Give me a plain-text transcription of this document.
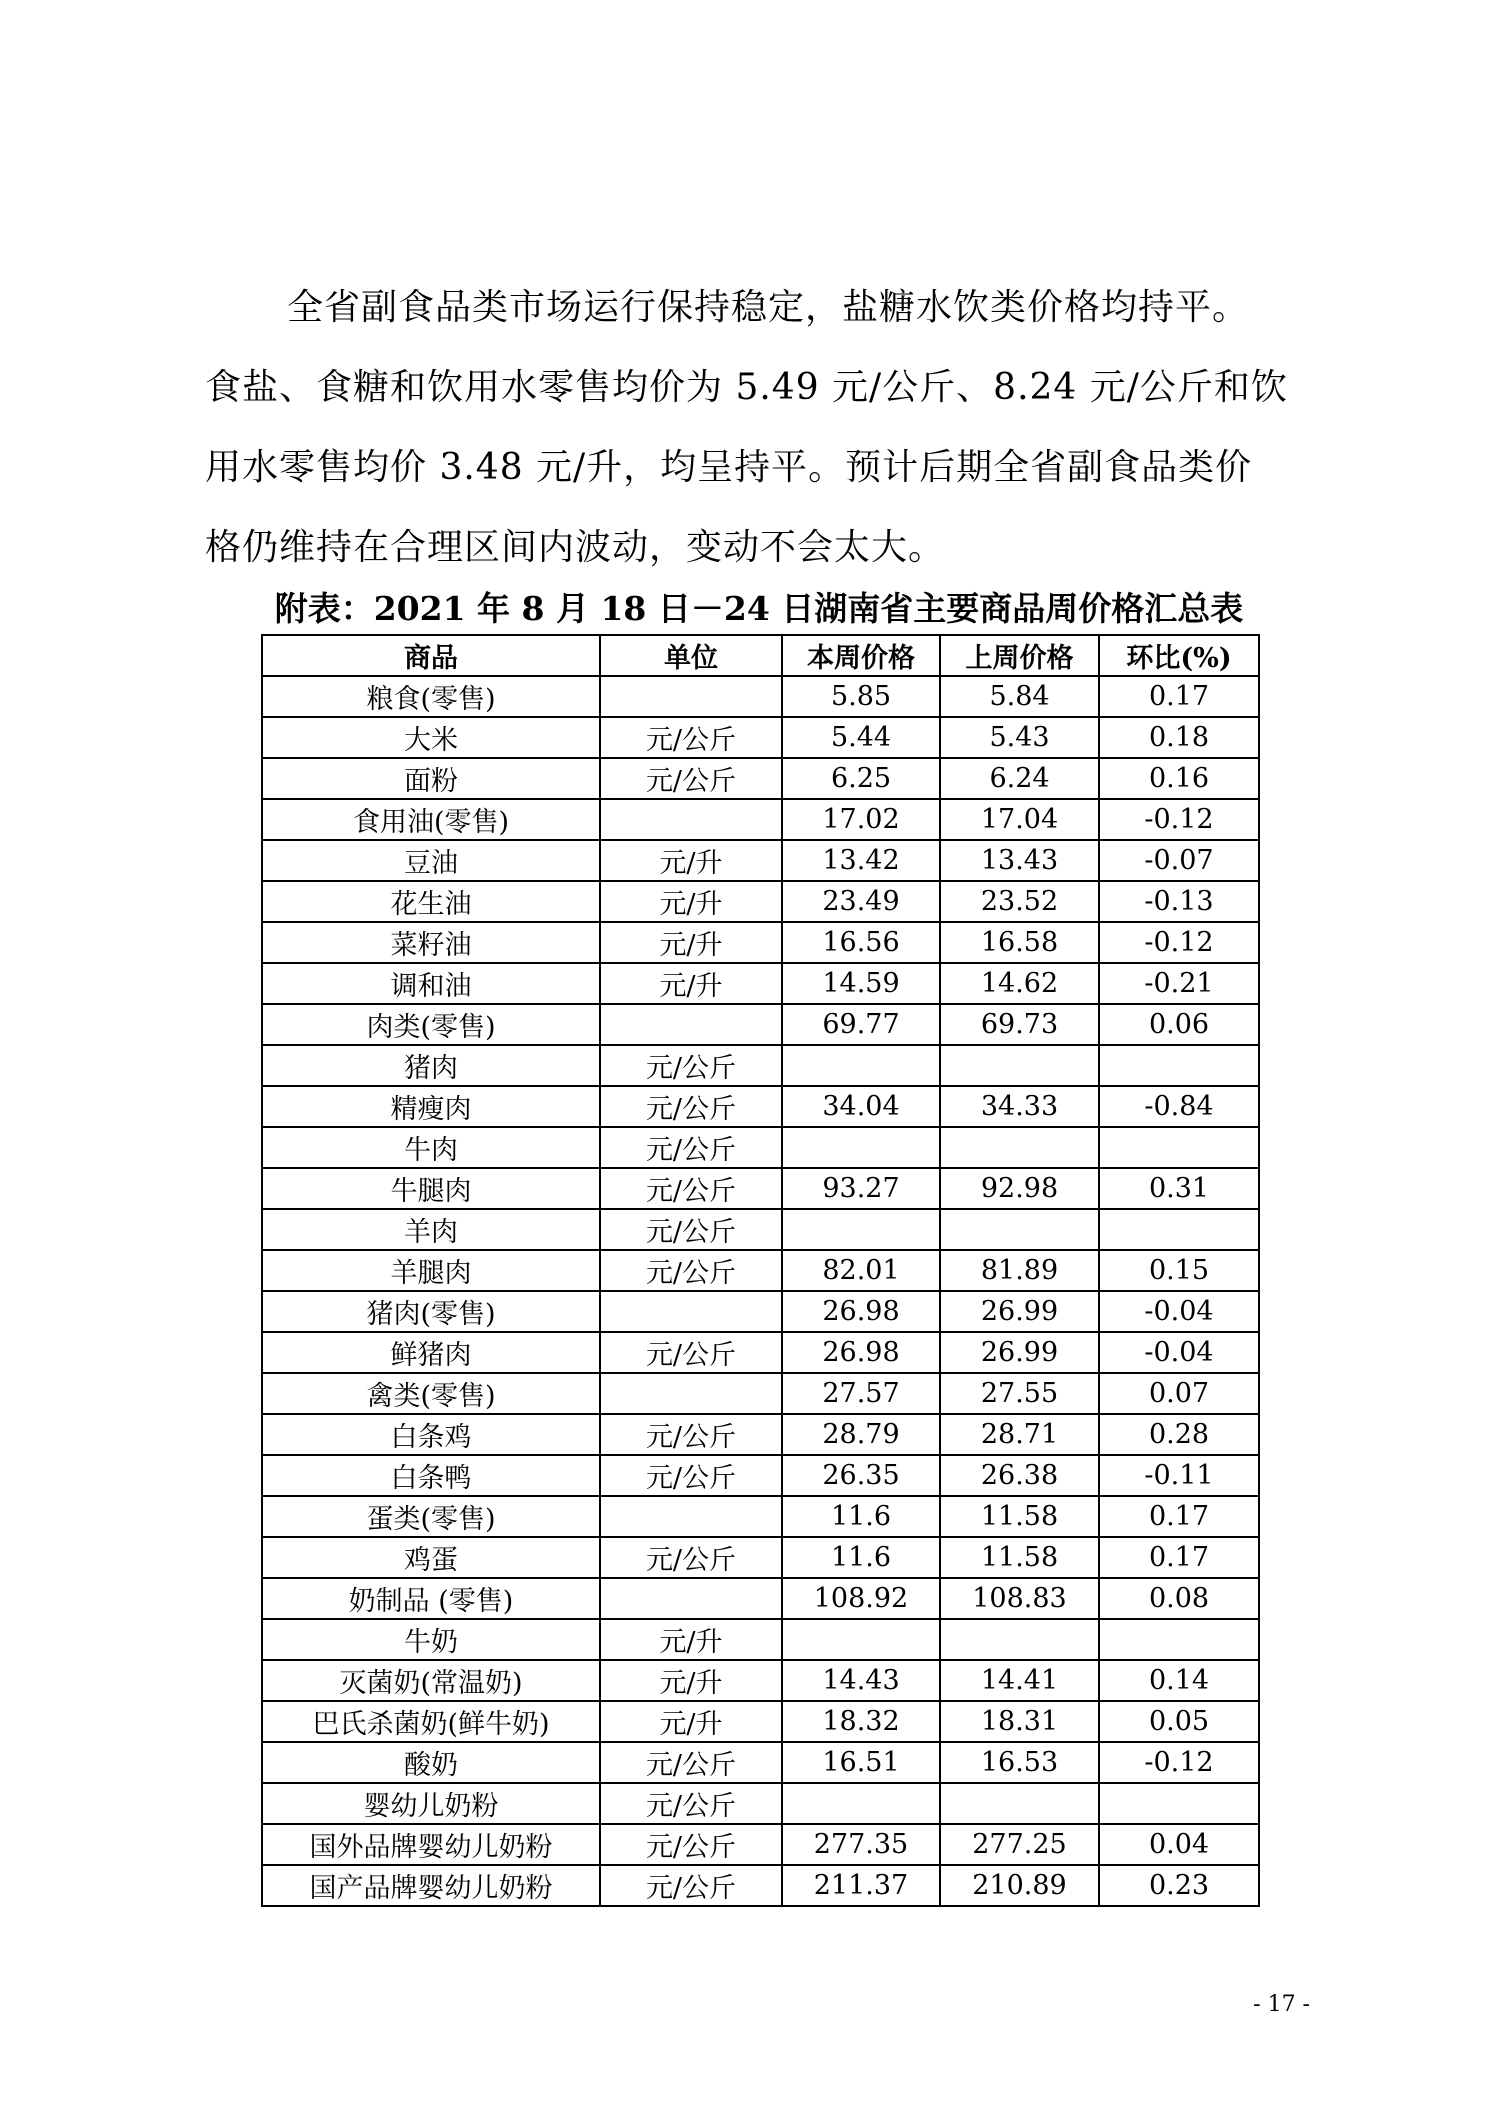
全省副食品类市场运行保持稳定，盐糖水饮类价格均持平。
食盐、食糖和饮用水零售均价为 5.49 元/公斤、8.24 元/公斤和饮
用水零售均价 3.48 元/升，均呈持平。预计后期全省副食品类价
格仍维持在合理区间内波动，变动不会太大。
附表：2021 年 8 月 18 日－24 日湖南省主要商品周价格汇总表
商品	单位	本周价格	上周价格	环比(%)
粮食(零售)		5.85	5.84	0.17
大米	元/公斤	5.44	5.43	0.18
面粉	元/公斤	6.25	6.24	0.16
食用油(零售)		17.02	17.04	-0.12
豆油	元/升	13.42	13.43	-0.07
花生油	元/升	23.49	23.52	-0.13
菜籽油	元/升	16.56	16.58	-0.12
调和油	元/升	14.59	14.62	-0.21
肉类(零售)		69.77	69.73	0.06
猪肉	元/公斤			
精瘦肉	元/公斤	34.04	34.33	-0.84
牛肉	元/公斤			
牛腿肉	元/公斤	93.27	92.98	0.31
羊肉	元/公斤			
羊腿肉	元/公斤	82.01	81.89	0.15
猪肉(零售)		26.98	26.99	-0.04
鲜猪肉	元/公斤	26.98	26.99	-0.04
禽类(零售)		27.57	27.55	0.07
白条鸡	元/公斤	28.79	28.71	0.28
白条鸭	元/公斤	26.35	26.38	-0.11
蛋类(零售)		11.6	11.58	0.17
鸡蛋	元/公斤	11.6	11.58	0.17
奶制品 (零售)		108.92	108.83	0.08
牛奶	元/升			
灭菌奶(常温奶)	元/升	14.43	14.41	0.14
巴氏杀菌奶(鲜牛奶)	元/升	18.32	18.31	0.05
酸奶	元/公斤	16.51	16.53	-0.12
婴幼儿奶粉	元/公斤			
国外品牌婴幼儿奶粉	元/公斤	277.35	277.25	0.04
国产品牌婴幼儿奶粉	元/公斤	211.37	210.89	0.23
- 17 -
